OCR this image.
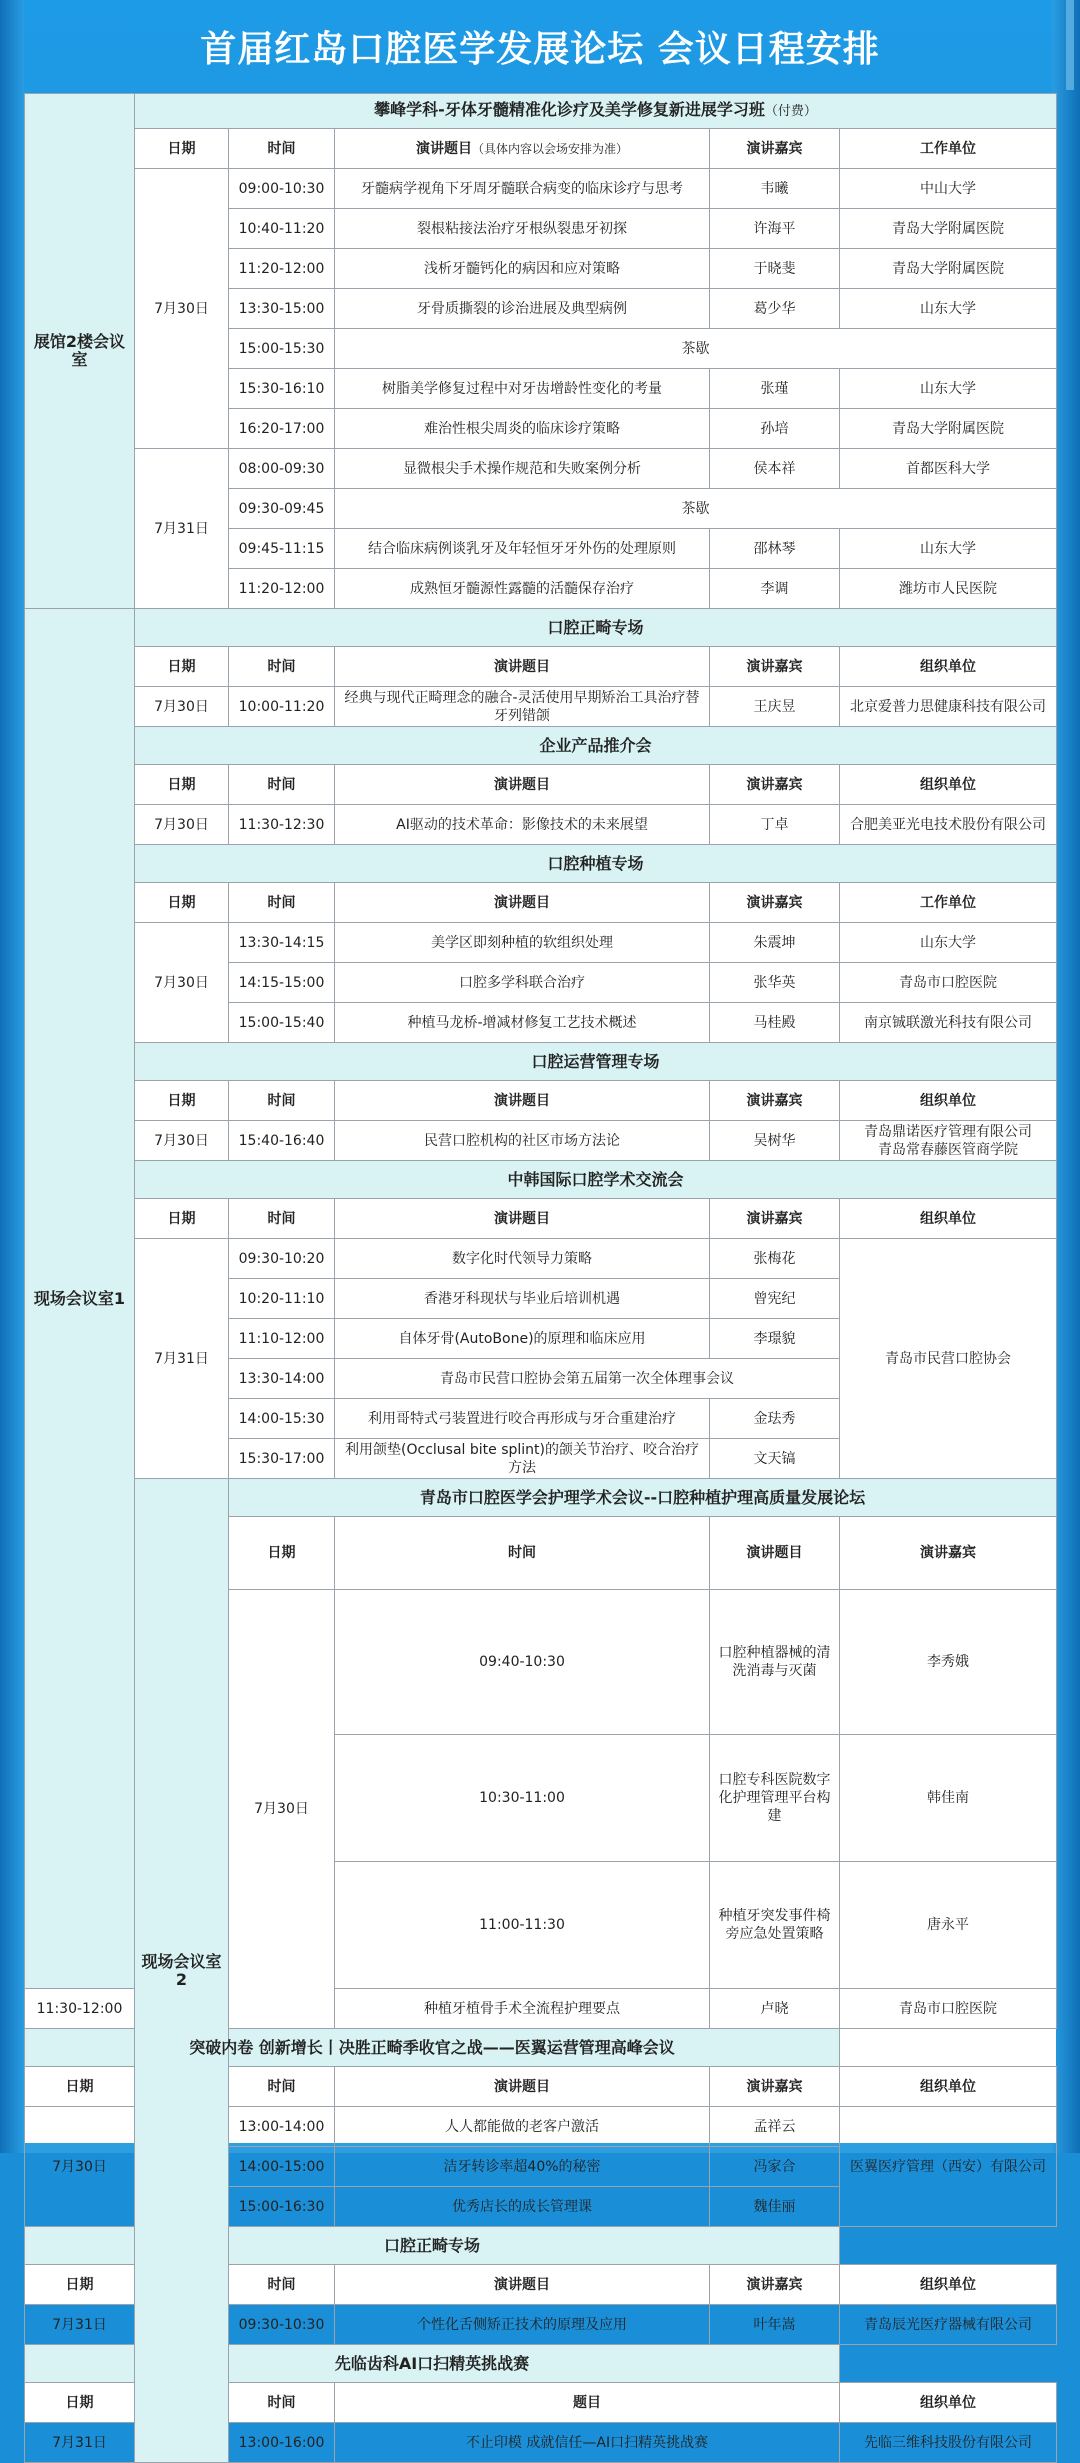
首届红岛口腔医学发展论坛 会议日程安排
展馆2楼会议室	攀峰学科-牙体牙髓精准化诊疗及美学修复新进展学习班（付费）					
	日期	时间	演讲题目（具体内容以会场安排为准）	演讲嘉宾	工作单位	
	7月30日	09:00-10:30	牙髓病学视角下牙周牙髓联合病变的临床诊疗与思考	韦曦	中山大学	
		10:40-11:20	裂根粘接法治疗牙根纵裂患牙初探	许海平	青岛大学附属医院	
		11:20-12:00	浅析牙髓钙化的病因和应对策略	于晓斐	青岛大学附属医院	
		13:30-15:00	牙骨质撕裂的诊治进展及典型病例	葛少华	山东大学	
		15:00-15:30	茶歇			
		15:30-16:10	树脂美学修复过程中对牙齿增龄性变化的考量	张瑾	山东大学	
		16:20-17:00	难治性根尖周炎的临床诊疗策略	孙培	青岛大学附属医院	
	7月31日	08:00-09:30	显微根尖手术操作规范和失败案例分析	侯本祥	首都医科大学	
		09:30-09:45	茶歇			
		09:45-11:15	结合临床病例谈乳牙及年轻恒牙牙外伤的处理原则	邵林琴	山东大学	
		11:20-12:00	成熟恒牙髓源性露髓的活髓保存治疗	李调	潍坊市人民医院	
现场会议室1	口腔正畸专场					
	日期	时间	演讲题目	演讲嘉宾	组织单位	
	7月30日	10:00-11:20	经典与现代正畸理念的融合-灵活使用早期矫治工具治疗替牙列错颌	王庆昱	北京爱普力思健康科技有限公司	
	企业产品推介会					
	日期	时间	演讲题目	演讲嘉宾	组织单位	
	7月30日	11:30-12:30	AI驱动的技术革命：影像技术的未来展望	丁卓	合肥美亚光电技术股份有限公司	
	口腔种植专场					
	日期	时间	演讲题目	演讲嘉宾	工作单位	
	7月30日	13:30-14:15	美学区即刻种植的软组织处理	朱震坤	山东大学	
		14:15-15:00	口腔多学科联合治疗	张华英	青岛市口腔医院	
		15:00-15:40	种植马龙桥-增减材修复工艺技术概述	马桂殿	南京铖联激光科技有限公司	
	口腔运营管理专场					
	日期	时间	演讲题目	演讲嘉宾	组织单位	
	7月30日	15:40-16:40	民营口腔机构的社区市场方法论	吴树华	青岛鼎诺医疗管理有限公司
青岛常春藤医管商学院	

	中韩国际口腔学术交流会					
	日期	时间	演讲题目	演讲嘉宾	组织单位	
	7月31日	09:30-10:20	数字化时代领导力策略	张梅花	青岛市民营口腔协会	
		10:20-11:10	香港牙科现状与毕业后培训机遇	曾宪纪		
		11:10-12:00	自体牙骨(AutoBone)的原理和临床应用	李璟貌		
		13:30-14:00	青岛市民营口腔协会第五届第一次全体理事会议			
		14:00-15:30	利用哥特式弓装置进行咬合再形成与牙合重建治疗	金珐秀		
		15:30-17:00	利用颌垫(Occlusal bite splint)的颌关节治疗、咬合治疗方法	文天镐		
	现场会议室2	青岛市口腔医学会护理学术会议--口腔种植护理高质量发展论坛				
		日期	时间	演讲题目	演讲嘉宾	
		7月30日	09:40-10:30	口腔种植器械的清洗消毒与灭菌	李秀娥	
			10:30-11:00	口腔专科医院数字化护理管理平台构建	韩佳南	
			11:00-11:30	种植牙突发事件椅旁应急处置策略	唐永平	
11:30-12:00			种植牙植骨手术全流程护理要点	卢晓	青岛市口腔医院	
突破内卷 创新增长丨决胜正畸季收官之战——医翼运营管理高峰会议						
日期		时间	演讲题目	演讲嘉宾	组织单位	
7月30日		13:00-14:00	人人都能做的老客户激活	孟祥云	医翼医疗管理（西安）有限公司	
		14:00-15:00	洁牙转诊率超40%的秘密	冯家合		
		15:00-16:30	优秀店长的成长管理课	魏佳丽		
口腔正畸专场						
日期		时间	演讲题目	演讲嘉宾	组织单位	
7月31日		09:30-10:30	个性化舌侧矫正技术的原理及应用	叶年嵩	青岛辰光医疗器械有限公司	
先临齿科AI口扫精英挑战赛						
日期		时间	题目		组织单位	
7月31日		13:00-16:00	不止印模 成就信任—AI口扫精英挑战赛		先临三维科技股份有限公司	
